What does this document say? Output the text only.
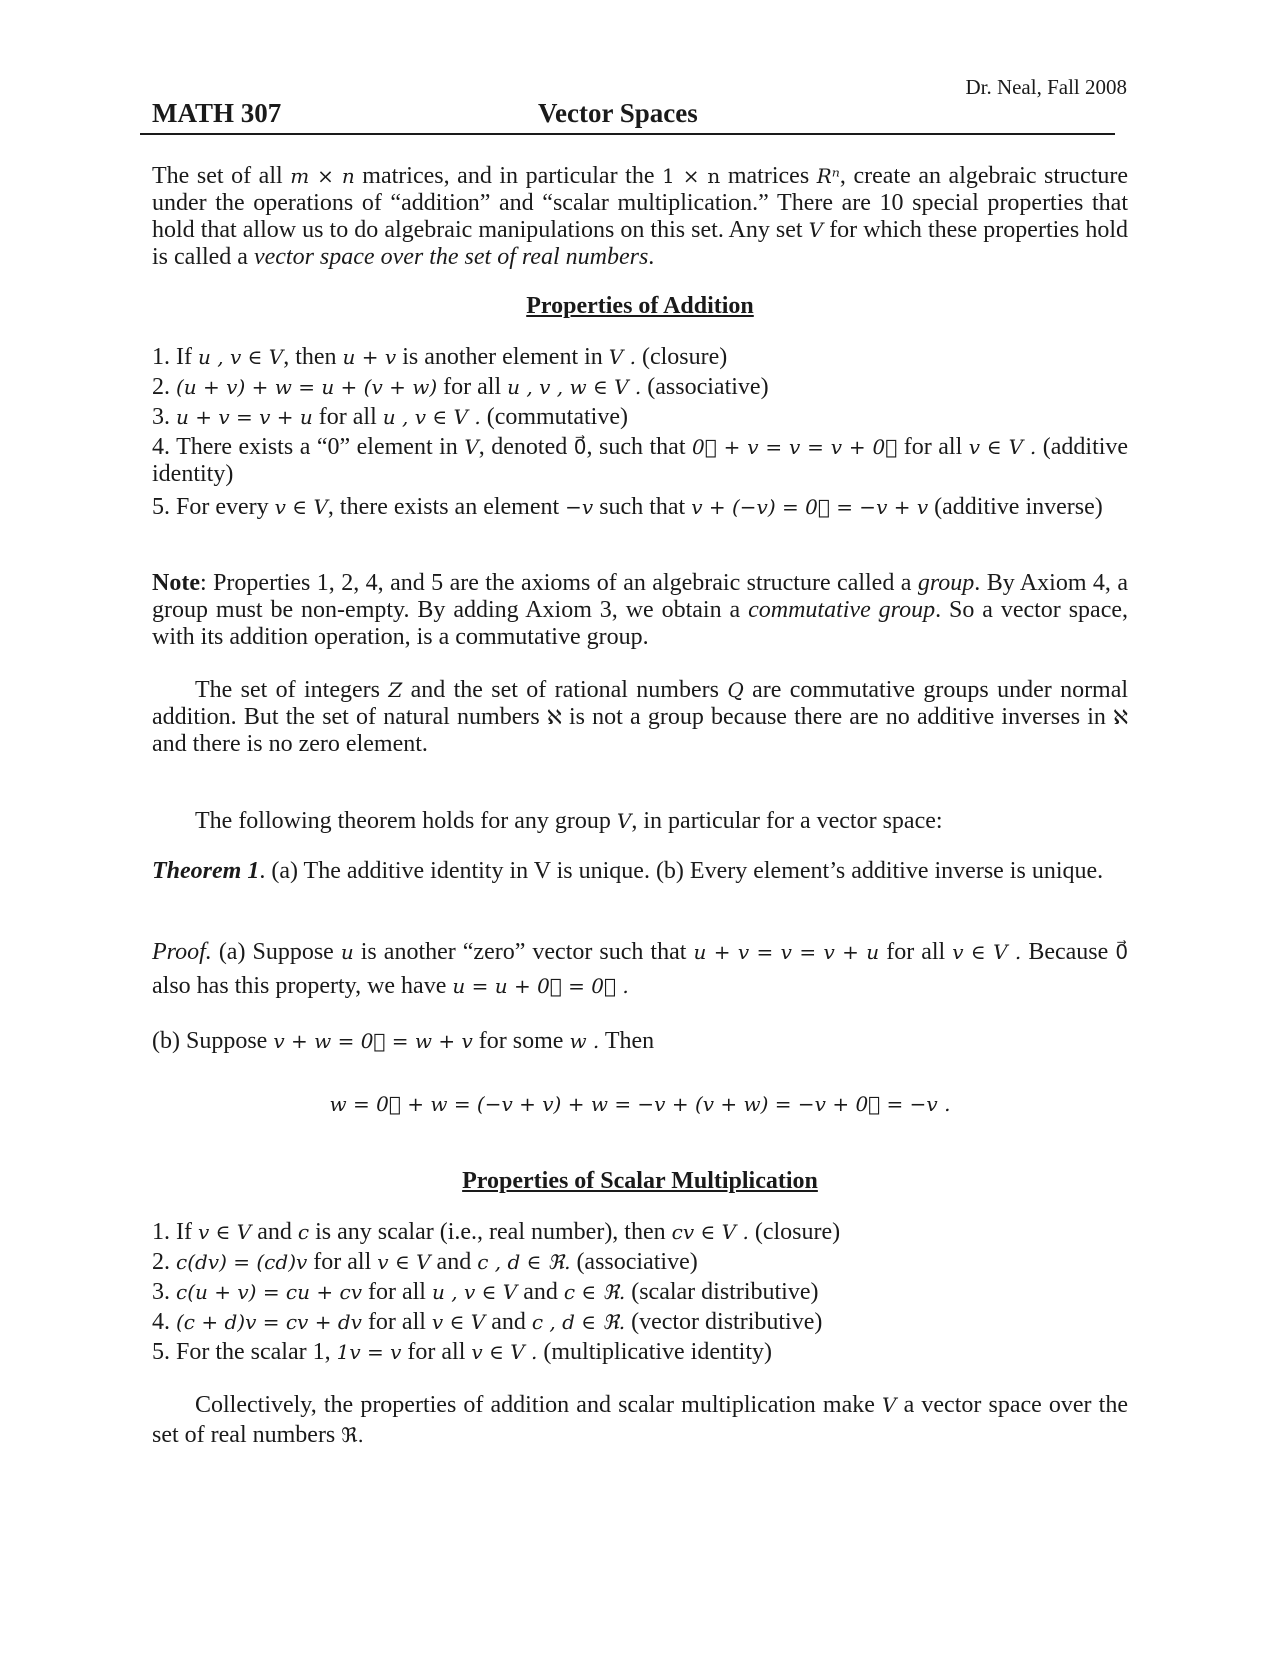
Dr. Neal, Fall 2008
MATH 307	Vector Spaces

The set of all m × n matrices, and in particular the 1 × n matrices Rⁿ, create an algebraic structure under the operations of “addition” and “scalar multiplication.” There are 10 special properties that hold that allow us to do algebraic manipulations on this set. Any set V for which these properties hold is called a vector space over the set of real numbers.

Properties of Addition
1. If u , v ∈ V, then u + v is another element in V . (closure)
2. (u + v) + w = u + (v + w) for all u , v , w ∈ V . (associative)
3. u + v = v + u for all u , v ∈ V . (commutative)
4. There exists a “0” element in V, denoted 0⃗, such that 0⃗ + v = v = v + 0⃗ for all v ∈ V . (additive identity)
5. For every v ∈ V, there exists an element −v such that v + (−v) = 0⃗ = −v + v (additive inverse)

Note: Properties 1, 2, 4, and 5 are the axioms of an algebraic structure called a group. By Axiom 4, a group must be non-empty. By adding Axiom 3, we obtain a commutative group. So a vector space, with its addition operation, is a commutative group.

The set of integers Z and the set of rational numbers Q are commutative groups under normal addition. But the set of natural numbers ℵ is not a group because there are no additive inverses in ℵ and there is no zero element.

The following theorem holds for any group V, in particular for a vector space:

Theorem 1. (a) The additive identity in V is unique. (b) Every element’s additive inverse is unique.

Proof. (a) Suppose u is another “zero” vector such that u + v = v = v + u for all v ∈ V . Because 0⃗ also has this property, we have u = u + 0⃗ = 0⃗ .

(b) Suppose v + w = 0⃗ = w + v for some w . Then

w = 0⃗ + w = (−v + v) + w = −v + (v + w) = −v + 0⃗ = −v .
Properties of Scalar Multiplication
1. If v ∈ V and c is any scalar (i.e., real number), then cv ∈ V . (closure)
2. c(dv) = (cd)v for all v ∈ V and c , d ∈ ℜ. (associative)
3. c(u + v) = cu + cv for all u , v ∈ V and c ∈ ℜ. (scalar distributive)
4. (c + d)v = cv + dv for all v ∈ V and c , d ∈ ℜ. (vector distributive)
5. For the scalar 1, 1v = v for all v ∈ V . (multiplicative identity)

Collectively, the properties of addition and scalar multiplication make V a vector space over the set of real numbers ℜ.
